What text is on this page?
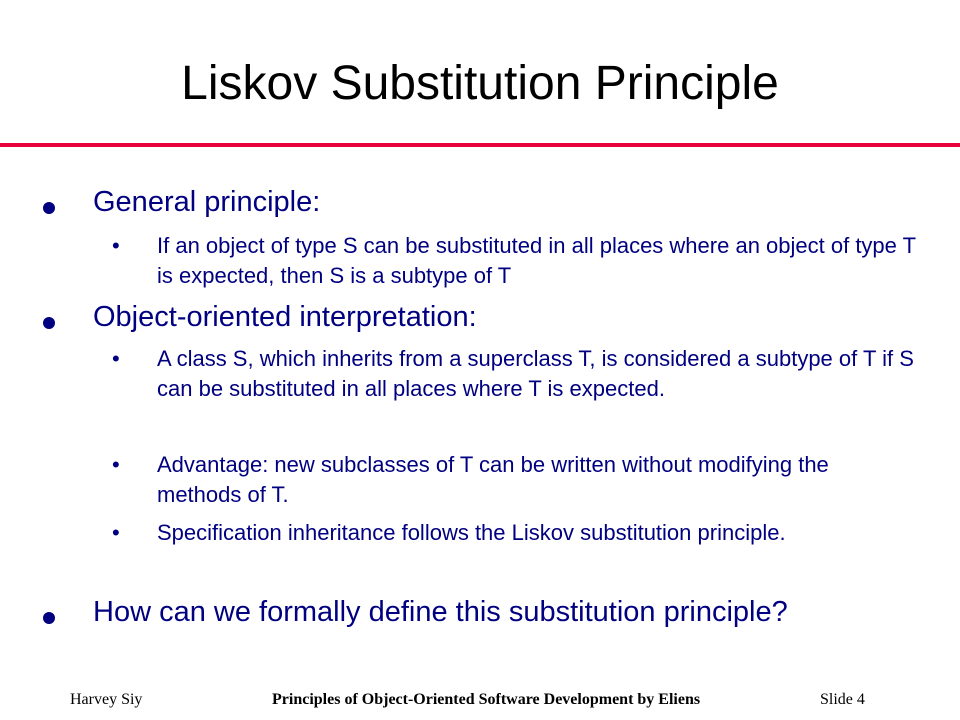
Liskov Substitution Principle
General principle:
• If an object of type S can be substituted in all places where an object of type T is expected, then S is a subtype of T
Object-oriented interpretation:
• A class S, which inherits from a superclass T, is considered a subtype of T if S can be substituted in all places where T is expected.
• Advantage: new subclasses of T can be written without modifying the methods of T.
• Specification inheritance follows the Liskov substitution principle.
How can we formally define this substitution principle?
Harvey Siy	Principles of Object-Oriented Software Development by Eliens	Slide 4
